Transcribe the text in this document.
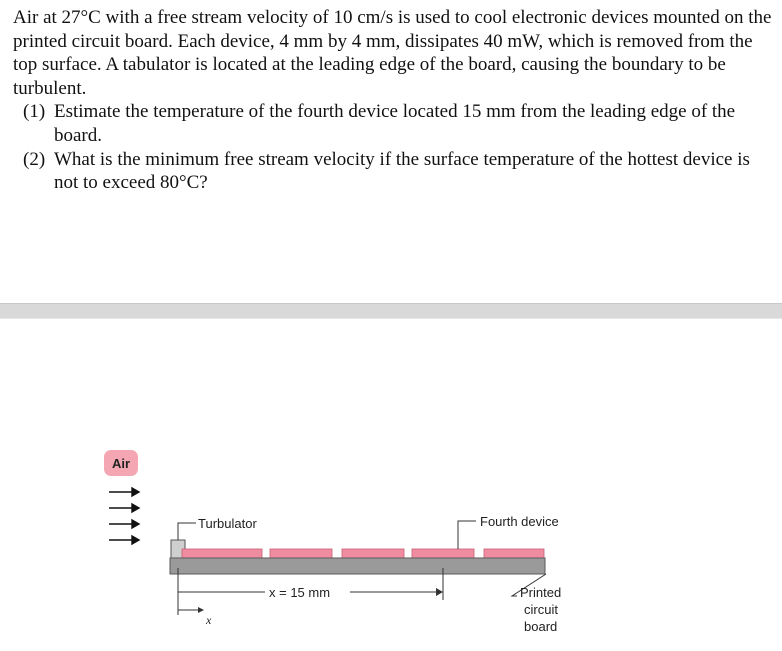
Air at 27°C with a free stream velocity of 10 cm/s is used to cool electronic devices mounted on the printed circuit board. Each device, 4 mm by 4 mm, dissipates 40 mW, which is removed from the top surface. A tabulator is located at the leading edge of the board, causing the boundary to be turbulent.

(1) Estimate the temperature of the fourth device located 15 mm from the leading edge of the board.
(2) What is the minimum free stream velocity if the surface temperature of the hottest device is not to exceed 80°C?
Air
Turbulator	Fourth device
x = 15 mm
x
Printed
circuit
board
